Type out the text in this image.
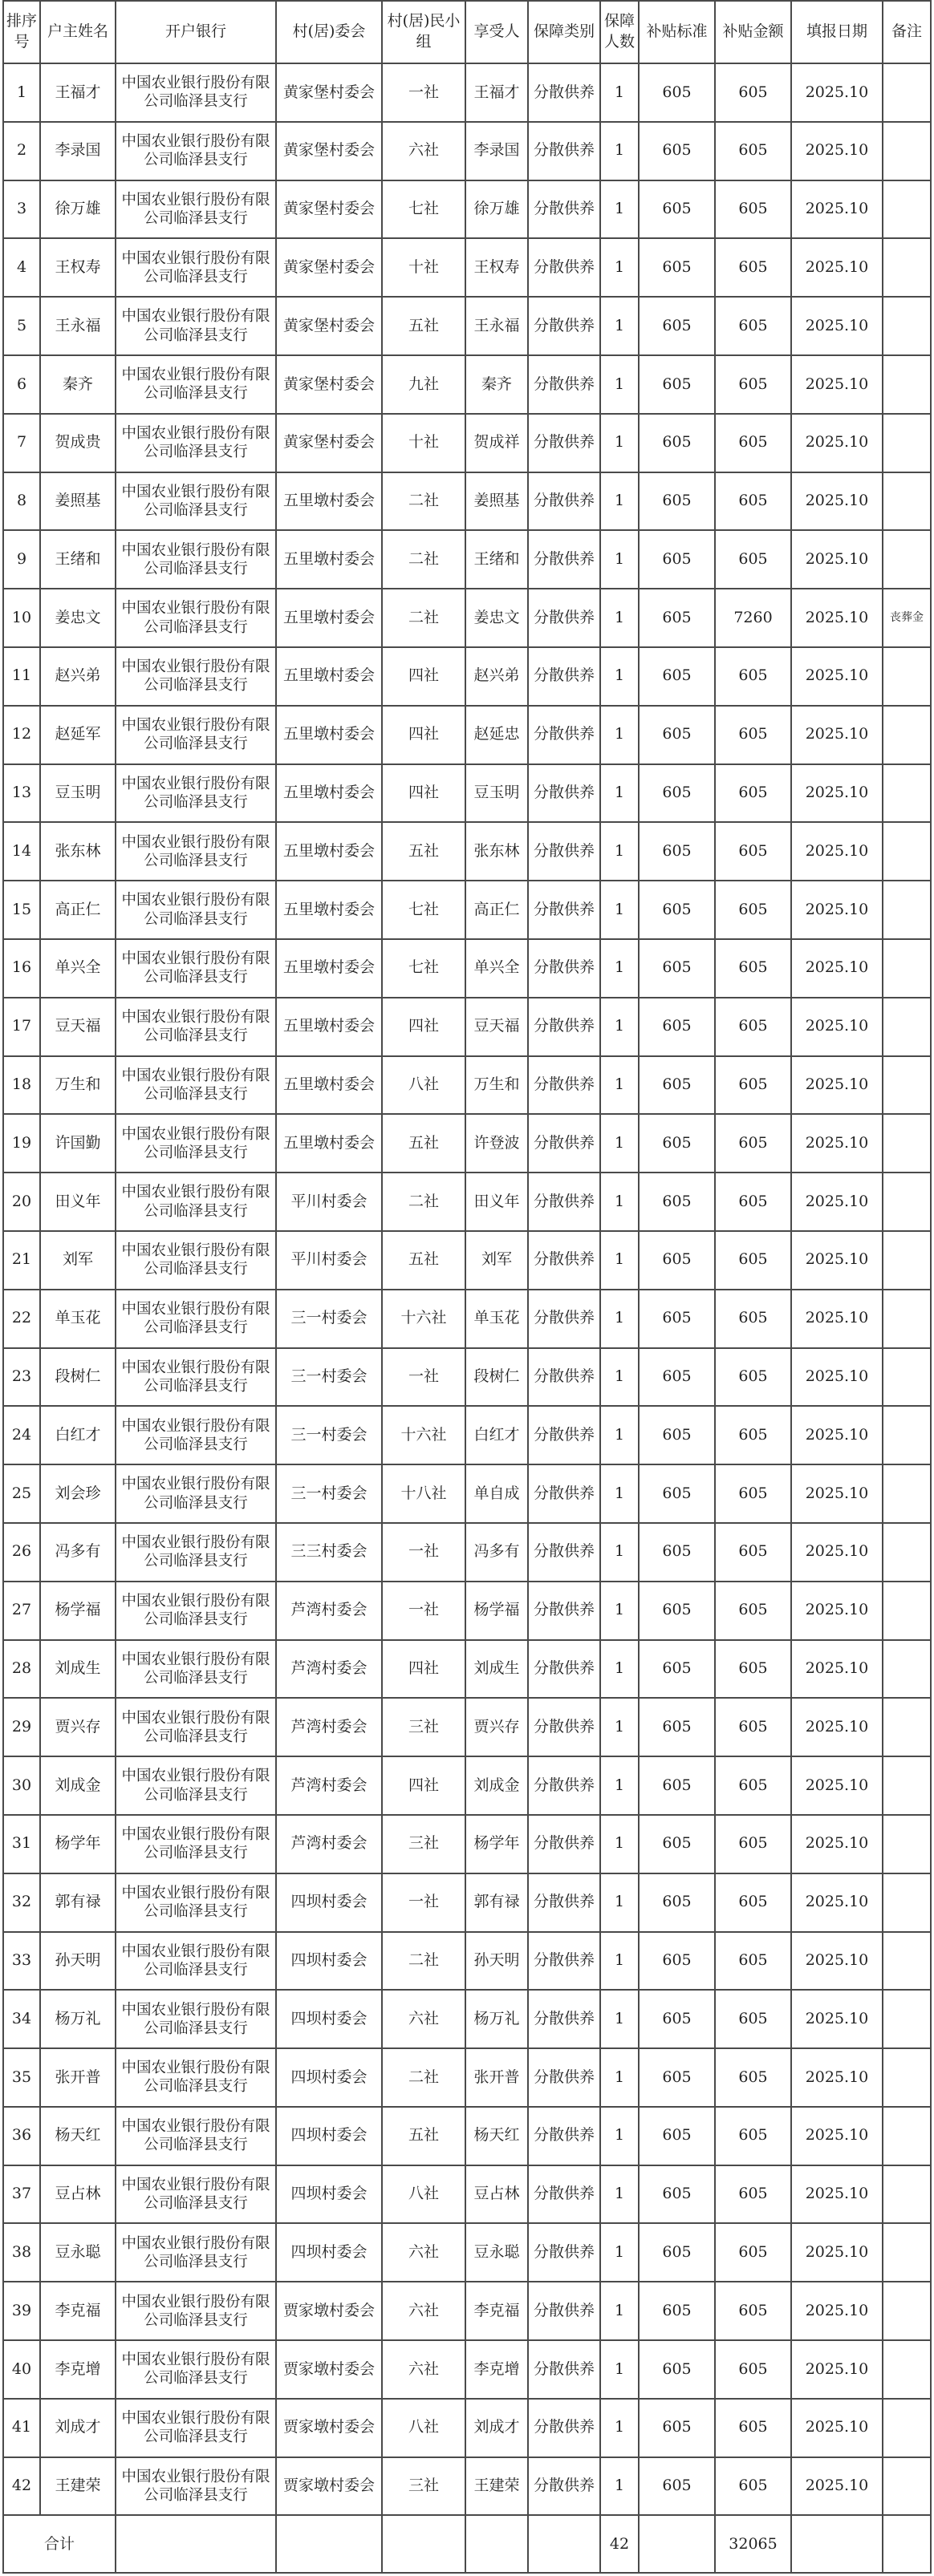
排序号	户主姓名	开户银行	村(居)委会	村(居)民小组	享受人	保障类别	保障人数	补贴标准	补贴金额	填报日期	备注
1	王福才	中国农业银行股份有限公司临泽县支行	黄家堡村委会	一社	王福才	分散供养	1	605	605	2025.10	
2	李录国	中国农业银行股份有限公司临泽县支行	黄家堡村委会	六社	李录国	分散供养	1	605	605	2025.10	
3	徐万雄	中国农业银行股份有限公司临泽县支行	黄家堡村委会	七社	徐万雄	分散供养	1	605	605	2025.10	
4	王权寿	中国农业银行股份有限公司临泽县支行	黄家堡村委会	十社	王权寿	分散供养	1	605	605	2025.10	
5	王永福	中国农业银行股份有限公司临泽县支行	黄家堡村委会	五社	王永福	分散供养	1	605	605	2025.10	
6	秦齐	中国农业银行股份有限公司临泽县支行	黄家堡村委会	九社	秦齐	分散供养	1	605	605	2025.10	
7	贺成贵	中国农业银行股份有限公司临泽县支行	黄家堡村委会	十社	贺成祥	分散供养	1	605	605	2025.10	
8	姜照基	中国农业银行股份有限公司临泽县支行	五里墩村委会	二社	姜照基	分散供养	1	605	605	2025.10	
9	王绪和	中国农业银行股份有限公司临泽县支行	五里墩村委会	二社	王绪和	分散供养	1	605	605	2025.10	
10	姜忠文	中国农业银行股份有限公司临泽县支行	五里墩村委会	二社	姜忠文	分散供养	1	605	7260	2025.10	丧葬金
11	赵兴弟	中国农业银行股份有限公司临泽县支行	五里墩村委会	四社	赵兴弟	分散供养	1	605	605	2025.10	
12	赵延军	中国农业银行股份有限公司临泽县支行	五里墩村委会	四社	赵延忠	分散供养	1	605	605	2025.10	
13	豆玉明	中国农业银行股份有限公司临泽县支行	五里墩村委会	四社	豆玉明	分散供养	1	605	605	2025.10	
14	张东林	中国农业银行股份有限公司临泽县支行	五里墩村委会	五社	张东林	分散供养	1	605	605	2025.10	
15	高正仁	中国农业银行股份有限公司临泽县支行	五里墩村委会	七社	高正仁	分散供养	1	605	605	2025.10	
16	单兴全	中国农业银行股份有限公司临泽县支行	五里墩村委会	七社	单兴全	分散供养	1	605	605	2025.10	
17	豆天福	中国农业银行股份有限公司临泽县支行	五里墩村委会	四社	豆天福	分散供养	1	605	605	2025.10	
18	万生和	中国农业银行股份有限公司临泽县支行	五里墩村委会	八社	万生和	分散供养	1	605	605	2025.10	
19	许国勤	中国农业银行股份有限公司临泽县支行	五里墩村委会	五社	许登波	分散供养	1	605	605	2025.10	
20	田义年	中国农业银行股份有限公司临泽县支行	平川村委会	二社	田义年	分散供养	1	605	605	2025.10	
21	刘军	中国农业银行股份有限公司临泽县支行	平川村委会	五社	刘军	分散供养	1	605	605	2025.10	
22	单玉花	中国农业银行股份有限公司临泽县支行	三一村委会	十六社	单玉花	分散供养	1	605	605	2025.10	
23	段树仁	中国农业银行股份有限公司临泽县支行	三一村委会	一社	段树仁	分散供养	1	605	605	2025.10	
24	白红才	中国农业银行股份有限公司临泽县支行	三一村委会	十六社	白红才	分散供养	1	605	605	2025.10	
25	刘会珍	中国农业银行股份有限公司临泽县支行	三一村委会	十八社	单自成	分散供养	1	605	605	2025.10	
26	冯多有	中国农业银行股份有限公司临泽县支行	三三村委会	一社	冯多有	分散供养	1	605	605	2025.10	
27	杨学福	中国农业银行股份有限公司临泽县支行	芦湾村委会	一社	杨学福	分散供养	1	605	605	2025.10	
28	刘成生	中国农业银行股份有限公司临泽县支行	芦湾村委会	四社	刘成生	分散供养	1	605	605	2025.10	
29	贾兴存	中国农业银行股份有限公司临泽县支行	芦湾村委会	三社	贾兴存	分散供养	1	605	605	2025.10	
30	刘成金	中国农业银行股份有限公司临泽县支行	芦湾村委会	四社	刘成金	分散供养	1	605	605	2025.10	
31	杨学年	中国农业银行股份有限公司临泽县支行	芦湾村委会	三社	杨学年	分散供养	1	605	605	2025.10	
32	郭有禄	中国农业银行股份有限公司临泽县支行	四坝村委会	一社	郭有禄	分散供养	1	605	605	2025.10	
33	孙天明	中国农业银行股份有限公司临泽县支行	四坝村委会	二社	孙天明	分散供养	1	605	605	2025.10	
34	杨万礼	中国农业银行股份有限公司临泽县支行	四坝村委会	六社	杨万礼	分散供养	1	605	605	2025.10	
35	张开普	中国农业银行股份有限公司临泽县支行	四坝村委会	二社	张开普	分散供养	1	605	605	2025.10	
36	杨天红	中国农业银行股份有限公司临泽县支行	四坝村委会	五社	杨天红	分散供养	1	605	605	2025.10	
37	豆占林	中国农业银行股份有限公司临泽县支行	四坝村委会	八社	豆占林	分散供养	1	605	605	2025.10	
38	豆永聪	中国农业银行股份有限公司临泽县支行	四坝村委会	六社	豆永聪	分散供养	1	605	605	2025.10	
39	李克福	中国农业银行股份有限公司临泽县支行	贾家墩村委会	六社	李克福	分散供养	1	605	605	2025.10	
40	李克增	中国农业银行股份有限公司临泽县支行	贾家墩村委会	六社	李克增	分散供养	1	605	605	2025.10	
41	刘成才	中国农业银行股份有限公司临泽县支行	贾家墩村委会	八社	刘成才	分散供养	1	605	605	2025.10	
42	王建荣	中国农业银行股份有限公司临泽县支行	贾家墩村委会	三社	王建荣	分散供养	1	605	605	2025.10	
合计							42		32065		
